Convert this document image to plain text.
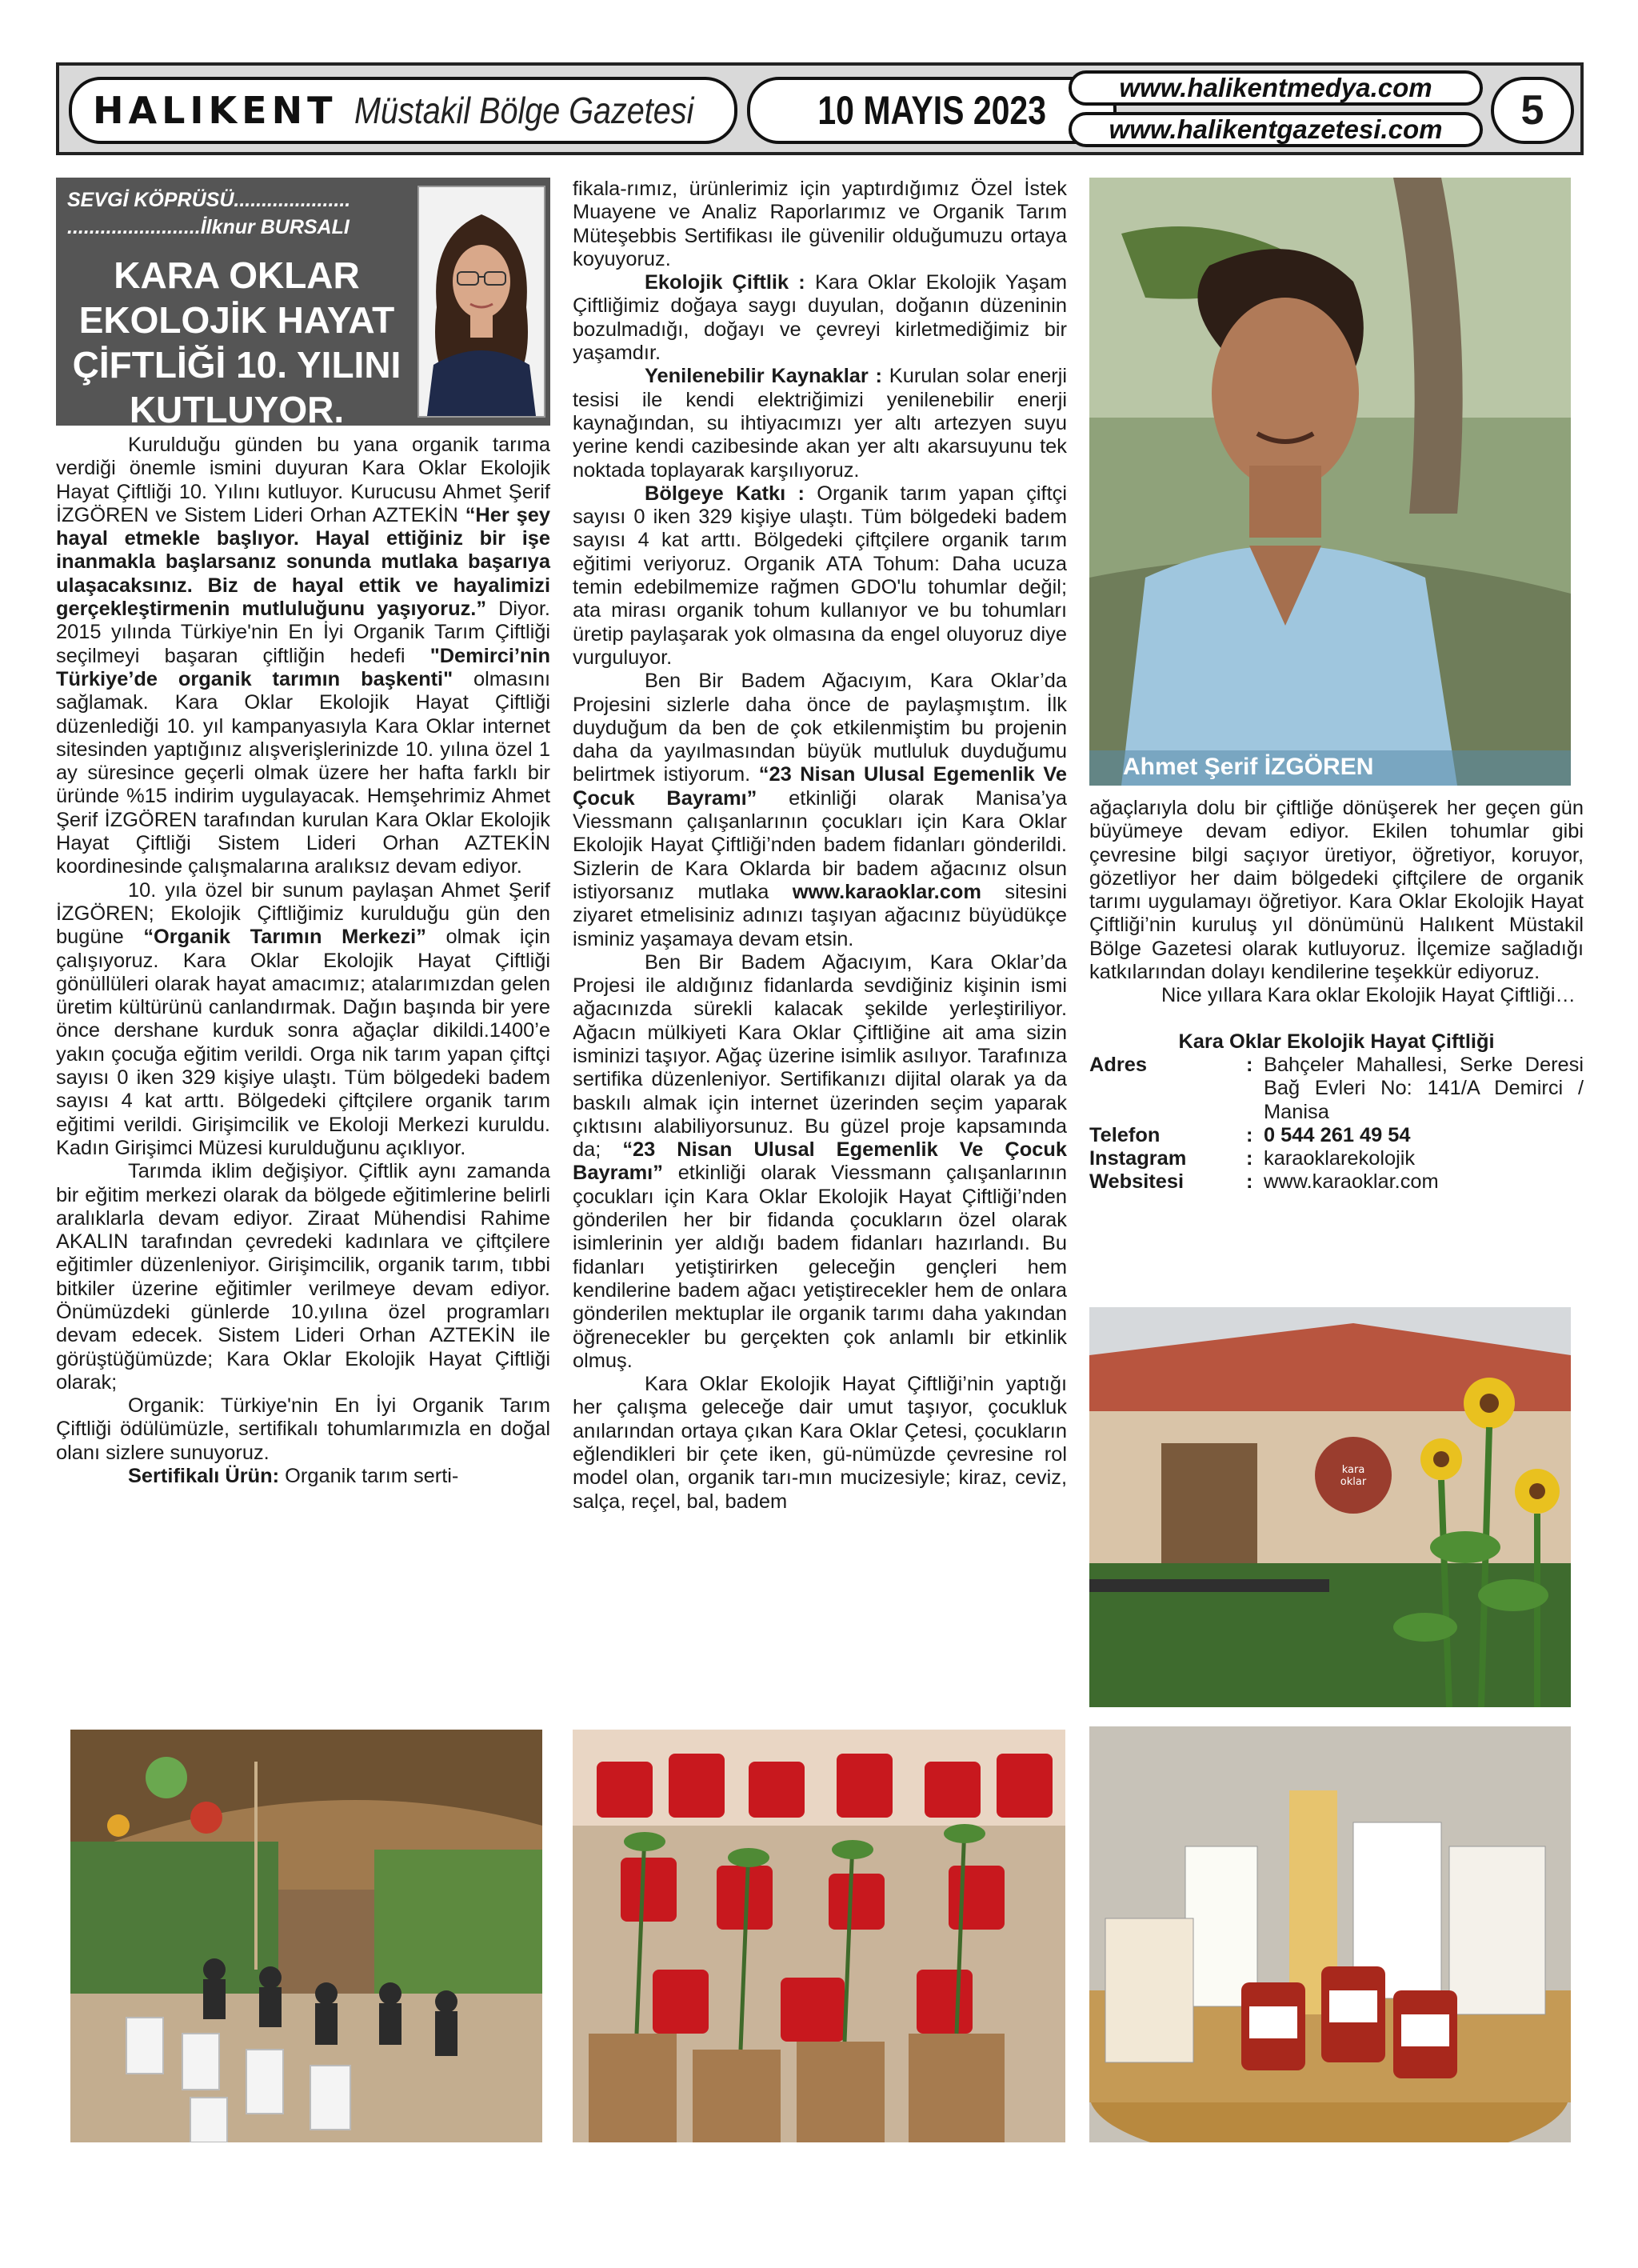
HALIKENT Müstakil Bölge Gazetesi	10 MAYIS 2023
www.halikentmedya.com
www.halikentgazetesi.com 5
SEVGİ KÖPRÜSÜ.....................
........................İlknur BURSALI
KARA OKLAR EKOLOJİK HAYAT ÇİFTLİĞİ 10. YILINI KUTLUYOR.

Kurulduğu günden bu yana organik tarıma verdiği önemle ismini duyuran Kara Oklar Ekolojik Hayat Çiftliği 10. Yılını kutluyor. Kurucusu Ahmet Şerif İZGÖREN ve Sistem Lideri Orhan AZTEKİN “Her şey hayal etmekle başlıyor. Hayal ettiğiniz bir işe inanmakla başlarsanız sonunda mutlaka başarıya ulaşacaksınız. Biz de hayal ettik ve hayalimizi gerçekleştirmenin mutluluğunu yaşıyoruz.” Diyor. 2015 yılında Türkiye'nin En İyi Organik Tarım Çiftliği seçilmeyi başaran çiftliğin hedefi "Demirci’nin Türkiye’de organik tarımın başkenti" olmasını sağlamak. Kara Oklar Ekolojik Hayat Çiftliği düzenlediği 10. yıl kampanyasıyla Kara Oklar internet sitesinden yaptığınız alışverişlerinizde 10. yılına özel 1 ay süresince geçerli olmak üzere her hafta farklı bir üründe %15 indirim uygulayacak. Hemşehrimiz Ahmet Şerif İZGÖREN tarafından kurulan Kara Oklar Ekolojik Hayat Çiftliği Sistem Lideri Orhan AZTEKİN koordinesinde çalışmalarına aralıksız devam ediyor.

10. yıla özel bir sunum paylaşan Ahmet Şerif İZGÖREN; Ekolojik Çiftliğimiz kurulduğu gün den bugüne “Organik Tarımın Merkezi” olmak için çalışıyoruz. Kara Oklar Ekolojik Hayat Çiftliği gönüllüleri olarak hayat amacımız; atalarımızdan gelen üretim kültürünü canlandırmak. Dağın başında bir yere önce dershane kurduk sonra ağaçlar dikildi.1400’e yakın çocuğa eğitim verildi. Orga nik tarım yapan çiftçi sayısı 0 iken 329 kişiye ulaştı. Tüm bölgedeki badem sayısı 4 kat arttı. Bölgedeki çiftçilere organik tarım eğitimi verildi. Girişimcilik ve Ekoloji Merkezi kuruldu. Kadın Girişimci Müzesi kurulduğunu açıklıyor.

Tarımda iklim değişiyor. Çiftlik aynı zamanda bir eğitim merkezi olarak da bölgede eğitimlerine belirli aralıklarla devam ediyor. Ziraat Mühendisi Rahime AKALIN tarafından çevredeki kadınlara ve çiftçilere eğitimler düzenleniyor. Girişimcilik, organik tarım, tıbbi bitkiler üzerine eğitimler verilmeye devam ediyor. Önümüzdeki günlerde 10.yılına özel programları devam edecek. Sistem Lideri Orhan AZTEKİN ile görüştüğümüzde; Kara Oklar Ekolojik Hayat Çiftliği olarak;

Organik: Türkiye'nin En İyi Organik Tarım Çiftliği ödülümüzle, sertifikalı tohumlarımızla en doğal olanı sizlere sunuyoruz.

Sertifikalı Ürün: Organik tarım serti-

fikala-rımız, ürünlerimiz için yaptırdığımız Özel İstek Muayene ve Analiz Raporlarımız ve Organik Tarım Müteşebbis Sertifikası ile güvenilir olduğumuzu ortaya koyuyoruz.

Ekolojik Çiftlik : Kara Oklar Ekolojik Yaşam Çiftliğimiz doğaya saygı duyulan, doğanın düzeninin bozulmadığı, doğayı ve çevreyi kirletmediğimiz bir yaşamdır.

Yenilenebilir Kaynaklar : Kurulan solar enerji tesisi ile kendi elektriğimizi yenilenebilir enerji kaynağından, su ihtiyacımızı yer altı artezyen suyu yerine kendi cazibesinde akan yer altı akarsuyunu tek noktada toplayarak karşılıyoruz.

Bölgeye Katkı : Organik tarım yapan çiftçi sayısı 0 iken 329 kişiye ulaştı. Tüm bölgedeki badem sayısı 4 kat arttı. Bölgedeki çiftçilere organik tarım eğitimi veriyoruz. Organik ATA Tohum: Daha ucuza temin edebilmemize rağmen GDO'lu tohumlar değil; ata mirası organik tohum kullanıyor ve bu tohumları üretip paylaşarak yok olmasına da engel oluyoruz diye vurguluyor.

Ben Bir Badem Ağacıyım, Kara Oklar’da Projesini sizlerle daha önce de paylaşmıştım. İlk duyduğum da ben de çok etkilenmiştim bu projenin daha da yayılmasından büyük mutluluk duyduğumu belirtmek istiyorum. “23 Nisan Ulusal Egemenlik Ve Çocuk Bayramı” etkinliği olarak Manisa’ya Viessmann çalışanlarının çocukları için Kara Oklar Ekolojik Hayat Çiftliği’nden badem fidanları gönderildi. Sizlerin de Kara Oklarda bir badem ağacınız olsun istiyorsanız mutlaka www.karaoklar.com sitesini ziyaret etmelisiniz adınızı taşıyan ağacınız büyüdükçe isminiz yaşamaya devam etsin.

Ben Bir Badem Ağacıyım, Kara Oklar’da Projesi ile aldığınız fidanlarda sevdiğiniz kişinin ismi ağacınızda sürekli kalacak şekilde yerleştiriliyor. Ağacın mülkiyeti Kara Oklar Çiftliğine ait ama sizin isminizi taşıyor. Ağaç üzerine isimlik asılıyor. Tarafınıza sertifika düzenleniyor. Sertifikanızı dijital olarak ya da baskılı almak için internet üzerinden seçim yaparak çıktısını alabiliyorsunuz. Bu güzel proje kapsamında da; “23 Nisan Ulusal Egemenlik Ve Çocuk Bayramı” etkinliği olarak Viessmann çalışanlarının çocukları için Kara Oklar Ekolojik Hayat Çiftliği’nden gönderilen her bir fidanda çocukların özel olarak isimlerinin yer aldığı badem fidanları hazırlandı. Bu fidanları yetiştirirken geleceğin gençleri hem kendilerine badem ağacı yetiştirecekler hem de onlara gönderilen mektuplar ile organik tarımı daha yakından öğrenecekler bu gerçekten çok anlamlı bir etkinlik olmuş.

Kara Oklar Ekolojik Hayat Çiftliği’nin yaptığı her çalışma geleceğe dair umut taşıyor, çocukluk anılarından ortaya çıkan Kara Oklar Çetesi, çocukların eğlendikleri bir çete iken, gü-nümüzde çevresine rol model olan, organik tarı-mın mucizesiyle; kiraz, ceviz, salça, reçel, bal, badem

Ahmet Şerif İZGÖREN

ağaçlarıyla dolu bir çiftliğe dönüşerek her geçen gün büyümeye devam ediyor. Ekilen tohumlar gibi çevresine bilgi saçıyor üretiyor, öğretiyor, koruyor, gözetliyor her daim bölgedeki çiftçilere de organik tarımı uygulamayı öğretiyor. Kara Oklar Ekolojik Hayat Çiftliği’nin kuruluş yıl dönümünü Halıkent Müstakil Bölge Gazetesi olarak kutluyoruz. İlçemize sağladığı katkılarından dolayı kendilerine teşekkür ediyoruz.

Nice yıllara Kara oklar Ekolojik Hayat Çiftliği…

Kara Oklar Ekolojik Hayat Çiftliği
Adres	: Bahçeler Mahallesi, Serke Deresi Bağ Evleri No: 141/A Demirci / Manisa
Telefon	: 0 544 261 49 54
Instagram	: karaoklarekolojik
Websitesi	: www.karaoklar.com
kara oklar
